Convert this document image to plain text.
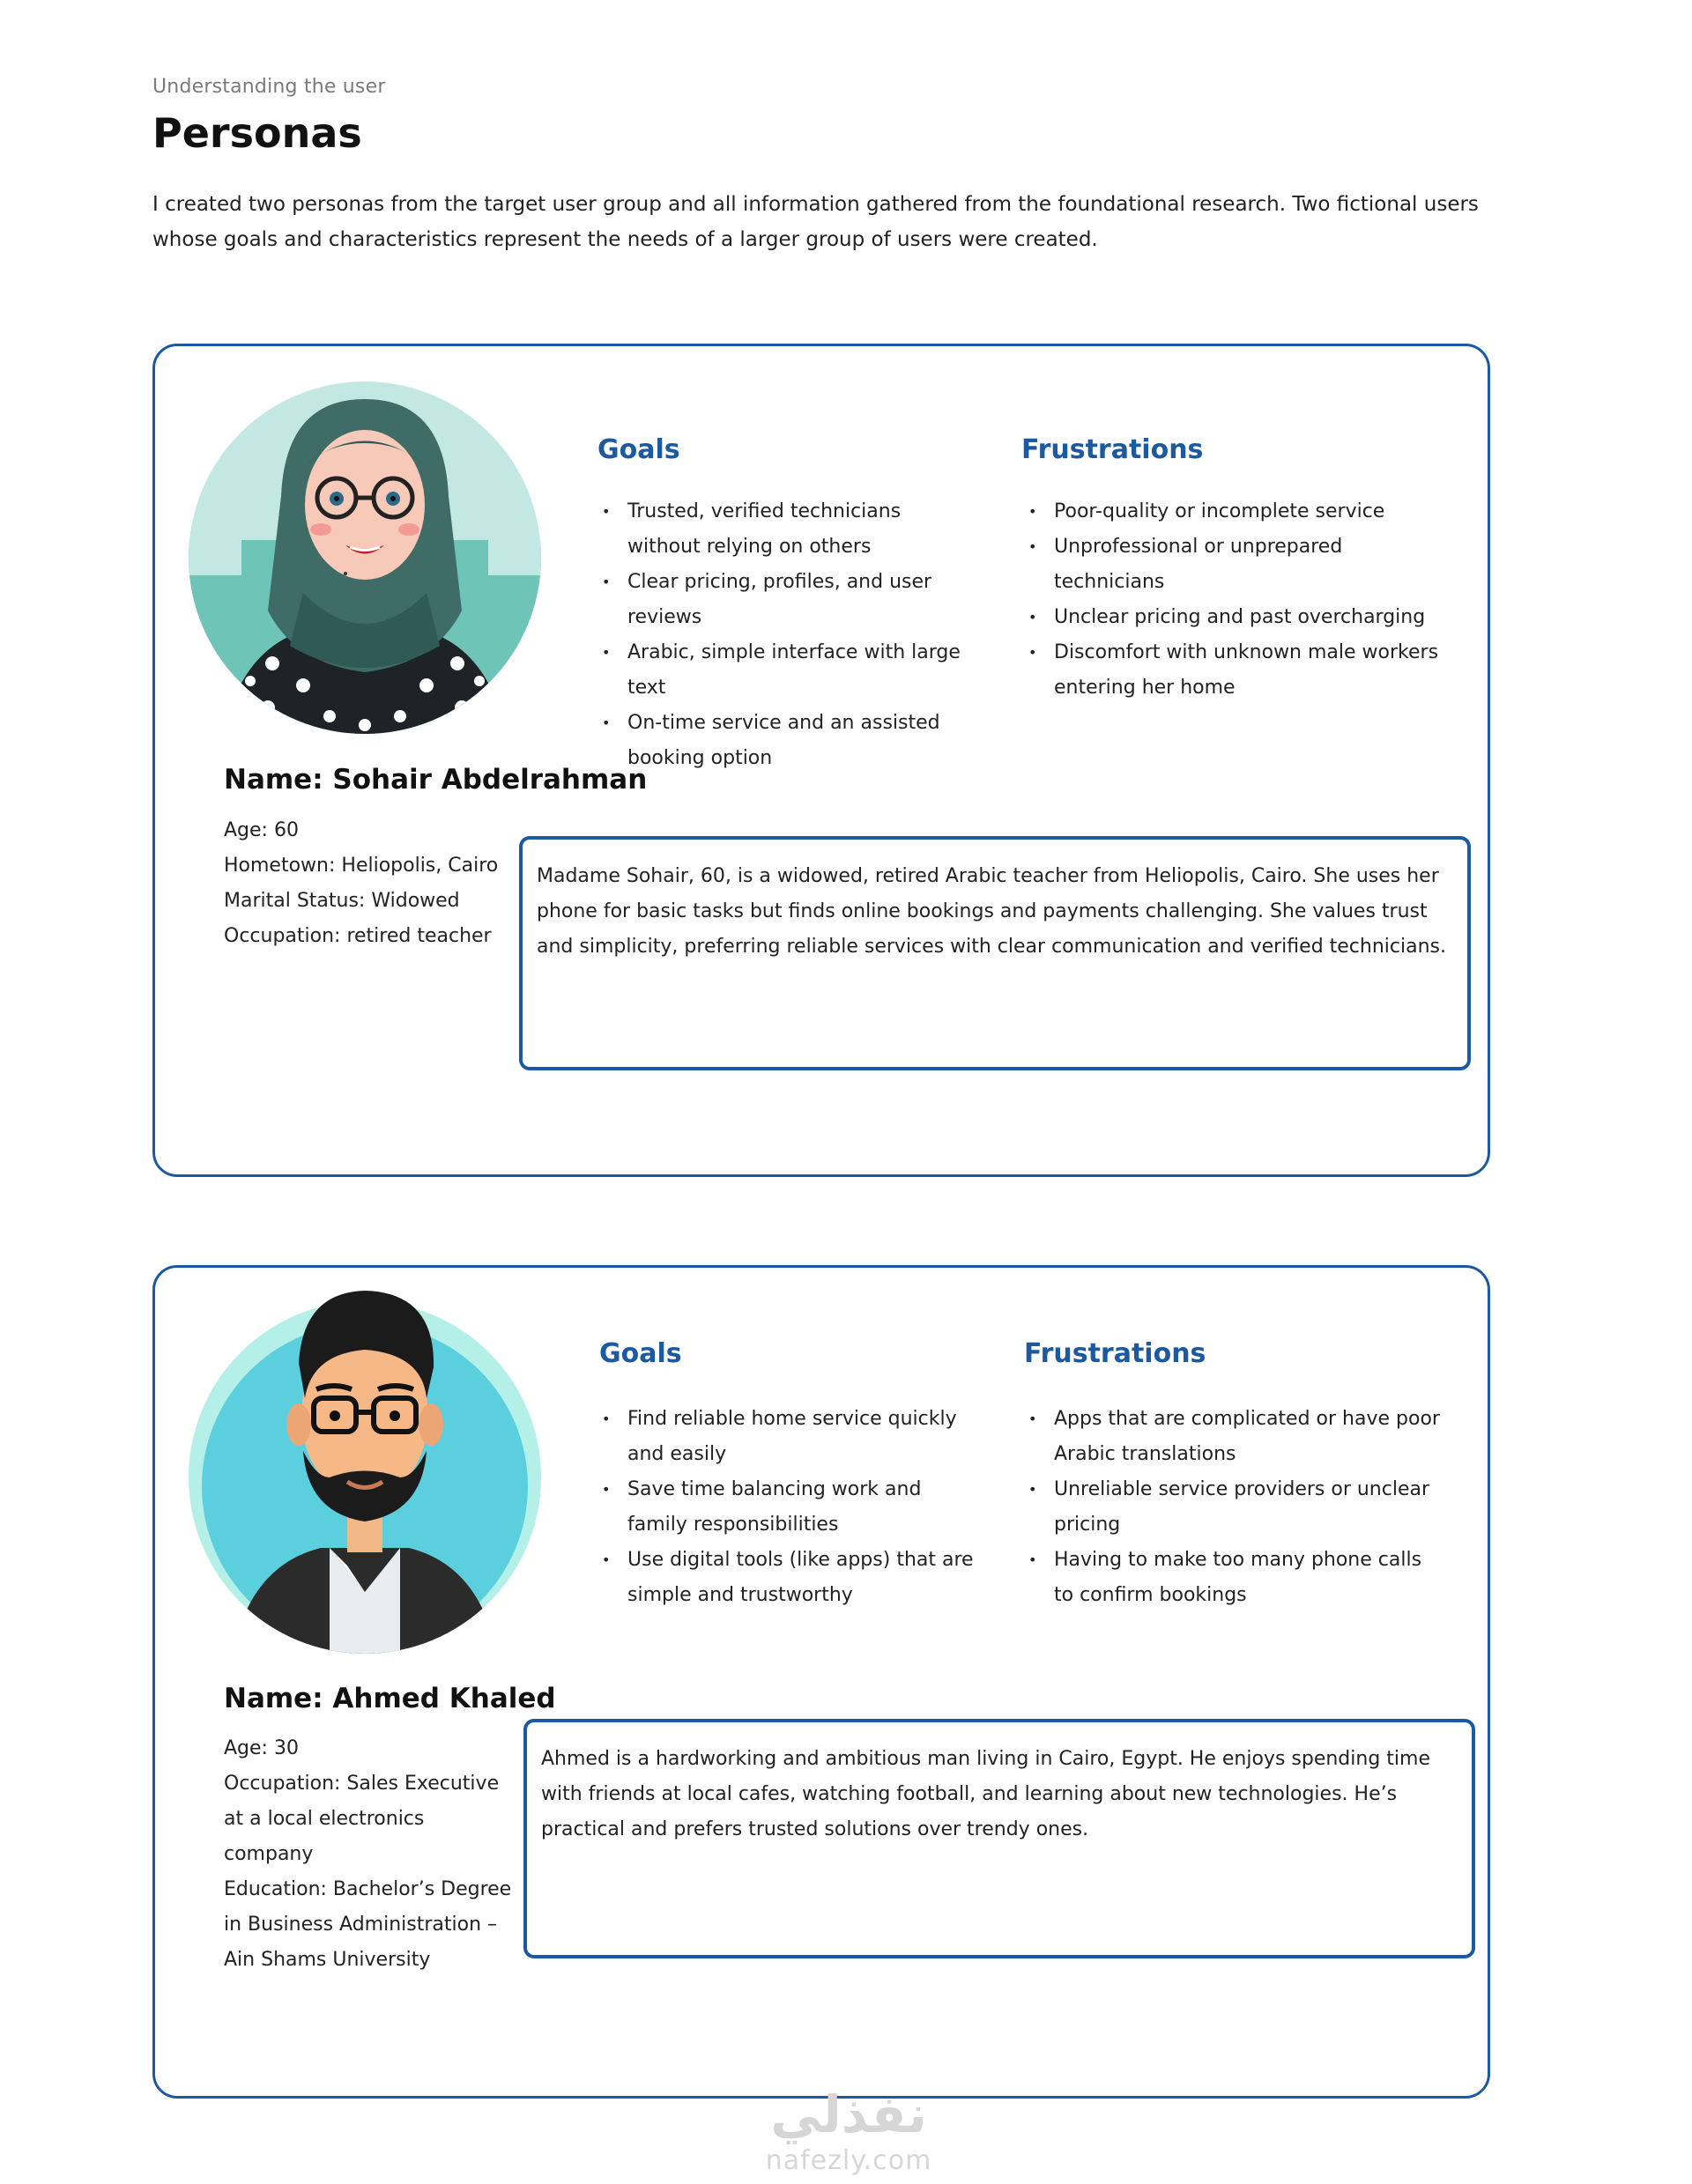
Understanding the user
Personas

I created two personas from the target user group and all information gathered from the foundational research. Two fictional users whose goals and characteristics represent the needs of a larger group of users were created.

Name: Sohair Abdelrahman
Age: 60
Hometown: Heliopolis, Cairo
Marital Status: Widowed
Occupation: retired teacher
Goals
• Trusted, verified technicians without relying on others
• Clear pricing, profiles, and user reviews
• Arabic, simple interface with large text
• On-time service and an assisted booking option
Frustrations
• Poor-quality or incomplete service
• Unprofessional or unprepared technicians
• Unclear pricing and past overcharging
• Discomfort with unknown male workers entering her home
Madame Sohair, 60, is a widowed, retired Arabic teacher from Heliopolis, Cairo. She uses her phone for basic tasks but finds online bookings and payments challenging. She values trust and simplicity, preferring reliable services with clear communication and verified technicians.
Name: Ahmed Khaled
Age: 30
Occupation: Sales Executive at a local electronics company
Education: Bachelor’s Degree in Business Administration – Ain Shams University
Goals
• Find reliable home service quickly and easily
• Save time balancing work and family responsibilities
• Use digital tools (like apps) that are simple and trustworthy
Frustrations
• Apps that are complicated or have poor Arabic translations
• Unreliable service providers or unclear pricing
• Having to make too many phone calls to confirm bookings
Ahmed is a hardworking and ambitious man living in Cairo, Egypt. He enjoys spending time with friends at local cafes, watching football, and learning about new technologies. He’s practical and prefers trusted solutions over trendy ones.
نفذلي
nafezly.com
